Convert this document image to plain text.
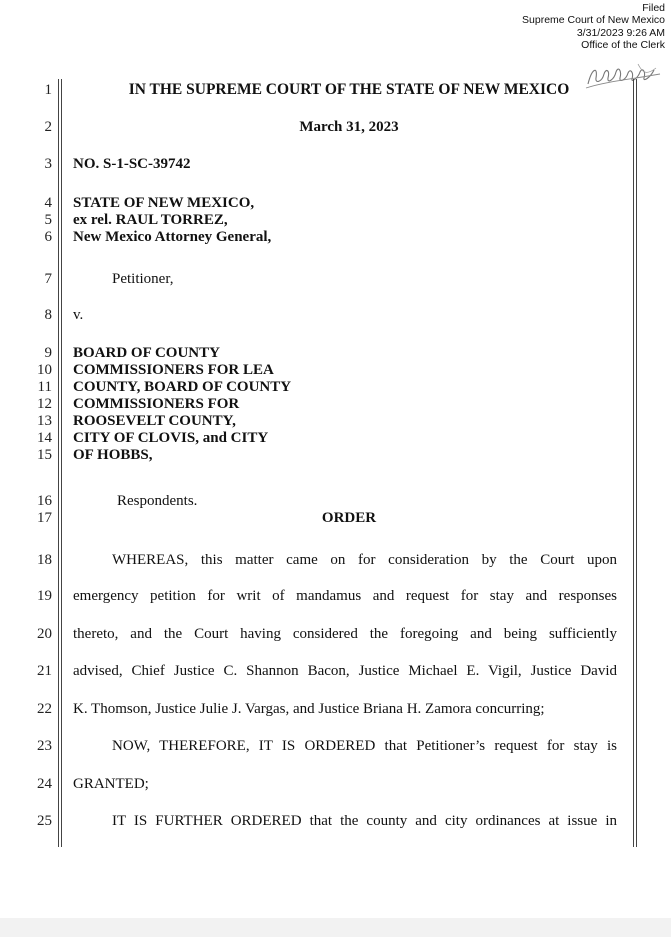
Filed
Supreme Court of New Mexico
3/31/2023 9:26 AM
Office of the Clerk
1
2
3
4
5
6
7
8
9
10
11
12
13
14
15
16
17
18
19
20
21
22
23
24
25
IN THE SUPREME COURT OF THE STATE OF NEW MEXICO
March 31, 2023
NO. S-1-SC-39742
STATE OF NEW MEXICO,
ex rel. RAUL TORREZ,
New Mexico Attorney General,
Petitioner,
v.
BOARD OF COUNTY
COMMISSIONERS FOR LEA
COUNTY, BOARD OF COUNTY
COMMISSIONERS FOR
ROOSEVELT COUNTY,
CITY OF CLOVIS, and CITY
OF HOBBS,
Respondents.
ORDER
WHEREAS, this matter came on for consideration by the Court upon
emergency petition for writ of mandamus and request for stay and responses
thereto, and the Court having considered the foregoing and being sufficiently
advised, Chief Justice C. Shannon Bacon, Justice Michael E. Vigil, Justice David
K. Thomson, Justice Julie J. Vargas, and Justice Briana H. Zamora concurring;
NOW, THEREFORE, IT IS ORDERED that Petitioner’s request for stay is
GRANTED;
IT IS FURTHER ORDERED that the county and city ordinances at issue in
